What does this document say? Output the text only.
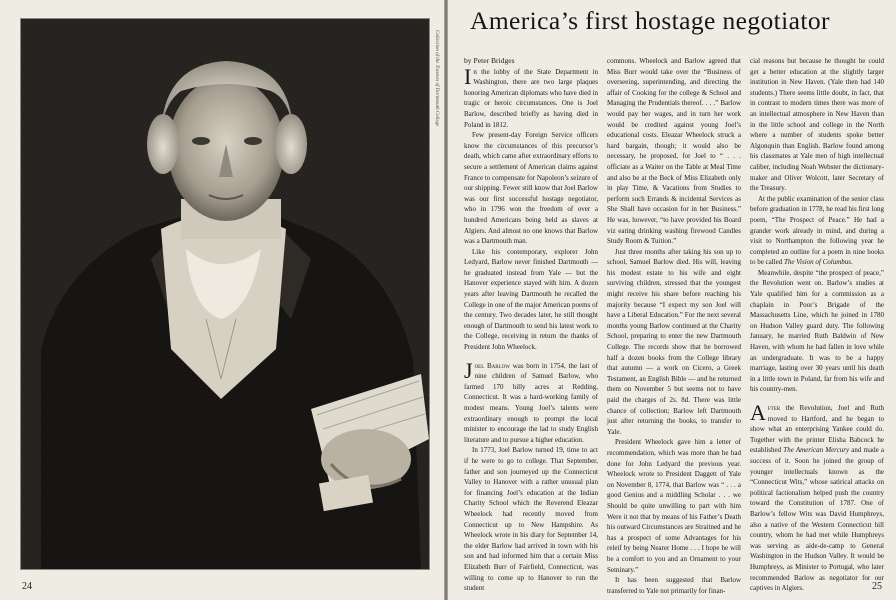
Collection of the Trustees of Dartmouth College
24
America’s first hostage negotiator

by Peter Bridges

In the lobby of the State Department in Washington, there are two large plaques honoring American diplomats who have died in tragic or heroic circumstances. One is Joel Barlow, described briefly as having died in Poland in 1812.

Few present-day Foreign Service officers know the circumstances of this precursor’s death, which came after extraordinary efforts to secure a settlement of American claims against France to compensate for Napoleon’s seizure of our shipping. Fewer still know that Joel Barlow was our first successful hostage negotiator, who in 1796 won the freedom of over a hundred Americans being held as slaves at Algiers. And almost no one knows that Barlow was a Dartmouth man.

Like his contemporary, explorer John Ledyard, Barlow never finished Dartmouth — he graduated instead from Yale — but the Hanover experience stayed with him. A dozen years after leaving Dartmouth he recalled the College in one of the major American poems of the century. Two decades later, he still thought enough of Dartmouth to send his latest work to the College, receiving in return the thanks of President John Wheelock.

Joel Barlow was born in 1754, the last of nine children of Samuel Barlow, who farmed 170 hilly acres at Redding, Connecticut. It was a hard-working family of modest means. Young Joel’s talents were extraordinary enough to prompt the local minister to encourage the lad to study English literature and to pursue a higher education.

In 1773, Joel Barlow turned 19, time to act if he were to go to college. That September, father and son journeyed up the Connecticut Valley to Hanover with a rather unusual plan for financing Joel’s education at the Indian Charity School which the Reverend Eleazar Wheelock had recently moved from Connecticut up to New Hampshire. As Wheelock wrote in his diary for September 14, the elder Barlow had arrived in town with his son and had informed him that a certain Miss Elizabeth Burr of Fairfield, Connecticut, was willing to come up to Hanover to run the student

commons. Wheelock and Barlow agreed that Miss Burr would take over the “Business of overseeing, superintending, and directing the affair of Cooking for the college & School and Managing the Prudentials thereof. . . .” Barlow would pay her wages, and in turn her work would be credited against young Joel’s educational costs. Eleazar Wheelock struck a hard bargain, though; it would also be necessary, he proposed, for Joel to “ . . . officiate as a Waiter on the Table at Meal Time and also be at the Beck of Miss Elizabeth only in play Time, & Vacations from Studies to perform such Errands & incidental Services as She Shall have occasion for in her Business.” He was, however, “to have provided his Board viz eating drinking washing firewood Candles Study Room & Tuition.”

Just three months after taking his son up to school, Samuel Barlow died. His will, leaving his modest estate to his wife and eight surviving children, stressed that the youngest might receive his share before reaching his majority because “I expect my son Joel will have a Liberal Education.” For the next several months young Barlow continued at the Charity School, preparing to enter the new Dartmouth College. The records show that he borrowed half a dozen books from the College library that autumn — a work on Cicero, a Greek Testament, an English Bible — and he returned them on November 5 but seems not to have paid the charges of 2s. 8d. There was little chance of collection; Barlow left Dartmouth just after returning the books, to transfer to Yale.

President Wheelock gave him a letter of recommendation, which was more than he had done for John Ledyard the previous year. Wheelock wrote to President Daggett of Yale on November 8, 1774, that Barlow was “ . . . a good Genius and a middling Scholar . . . we Should be quite unwilling to part with him Were it not that by means of his Father’s Death his outward Circumstances are Straitned and he has a prospect of some Advantages for his releif by being Nearer Home . . . I hope he will be a comfort to you and an Ornament to your Seminary.”

It has been suggested that Barlow transferred to Yale not primarily for finan-

cial reasons but because he thought he could get a better education at the slightly larger institution in New Haven. (Yale then had 140 students.) There seems little doubt, in fact, that in contrast to modern times there was more of an intellectual atmosphere in New Haven than in the little school and college in the North where a number of students spoke better Algonquin than English. Barlow found among his classmates at Yale men of high intellectual caliber, including Noah Webster the dictionary-maker and Oliver Wolcott, later Secretary of the Treasury.

At the public examination of the senior class before graduation in 1778, he read his first long poem, “The Prospect of Peace.” He had a grander work already in mind, and during a visit to Northampton the following year he completed an outline for a poem in nine books to be called The Vision of Columbus.

Meanwhile, despite “the prospect of peace,” the Revolution went on. Barlow’s studies at Yale qualified him for a commission as a chaplain in Poor’s Brigade of the Massachusetts Line, which he joined in 1780 on Hudson Valley guard duty. The following January, he married Ruth Baldwin of New Haven, with whom he had fallen in love while an undergraduate. It was to be a happy marriage, lasting over 30 years until his death in a little town in Poland, far from his wife and his country-men.

After the Revolution, Joel and Ruth moved to Hartford, and he began to show what an enterprising Yankee could do. Together with the printer Elisha Babcock he established The American Mercury and made a success of it. Soon he joined the group of younger intellectuals known as the “Connecticut Wits,” whose satirical attacks on political factionalism helped push the country toward the Constitution of 1787. One of Barlow’s fellow Wits was David Humphreys, also a native of the Western Connecticut hill country, whom he had met while Humphreys was serving as aide-de-camp to General Washington in the Hudson Valley. It would be Humphreys, as Minister to Portugal, who later recommended Barlow as negotiator for our captives in Algiers.	25
